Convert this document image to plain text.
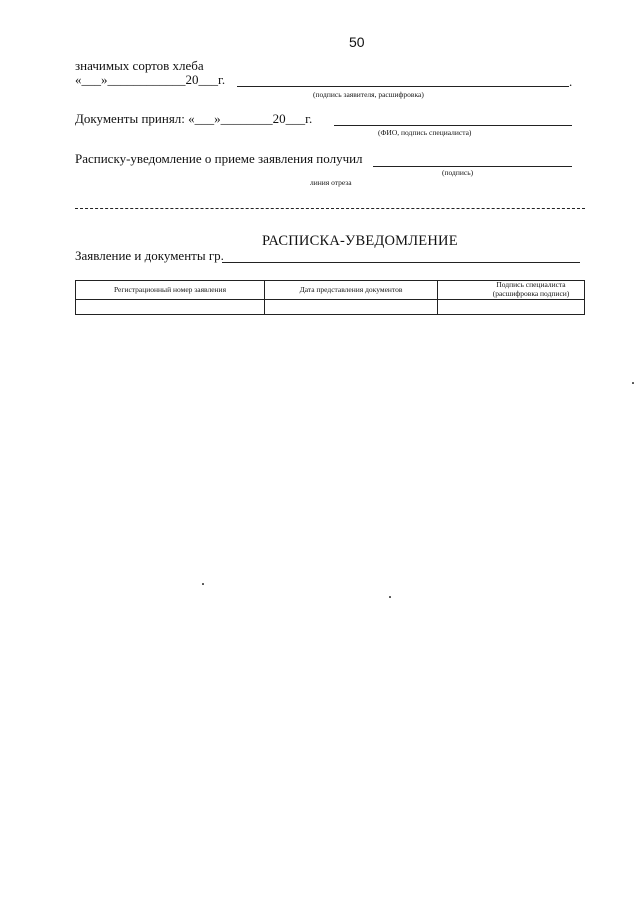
50
значимых сортов хлеба
«___»____________20___г.	.
(подпись заявителя, расшифровка)
Документы принял: «___»________20___г.
(ФИО, подпись специалиста)
Расписку-уведомление о приеме заявления получил
(подпись)
линия отреза
РАСПИСКА-УВЕДОМЛЕНИЕ
Заявление и документы гр.
Регистрационный номер заявления	Дата представления документов	Подпись специалиста (расшифровка подписи)
